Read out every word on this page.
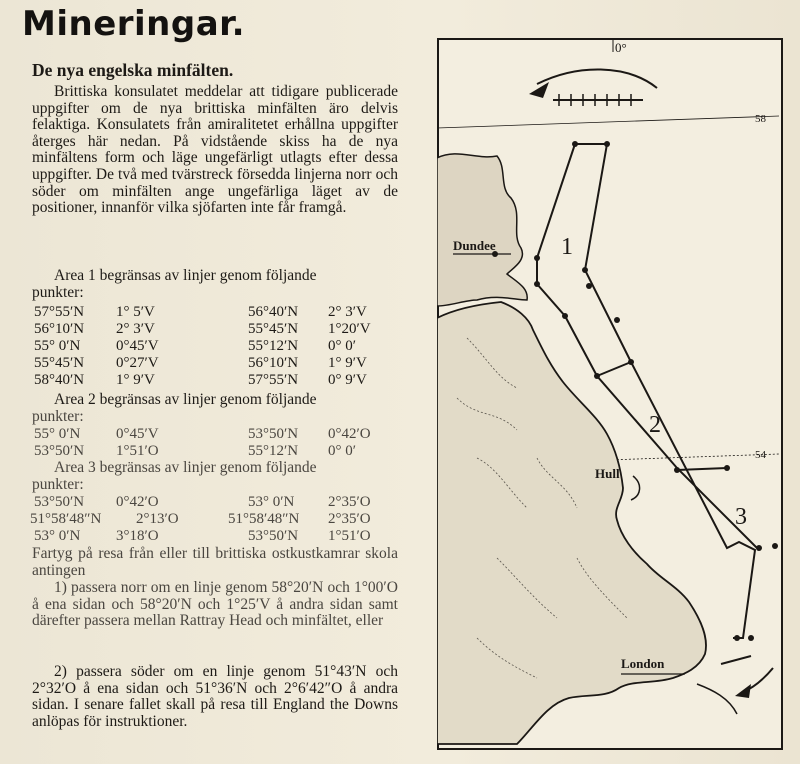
Mineringar.
De nya engelska minfälten.

Brittiska konsulatet meddelar att tidigare publicerade uppgifter om de nya brittiska minfälten äro delvis felaktiga. Konsulatets från amiralitetet erhållna uppgifter återges här nedan. På vidstående skiss ha de nya minfältens form och läge ungefärligt utlagts efter dessa uppgifter. De två med tvärstreck försedda linjerna norr och söder om minfälten ange ungefärliga läget av de positioner, innanför vilka sjöfarten inte får framgå.

Area 1 begränsas av linjer genom följande
punkter:
57°55′N 1° 5′V	56°40′N 2° 3′V
56°10′N 2° 3′V	55°45′N 1°20′V
55° 0′N 0°45′V	55°12′N 0° 0′
55°45′N 0°27′V	56°10′N 1° 9′V
58°40′N 1° 9′V	57°55′N 0° 9′V
Area 2 begränsas av linjer genom följande
punkter:
55° 0′N 0°45′V	53°50′N 0°42′O
53°50′N 1°51′O	55°12′N 0° 0′
Area 3 begränsas av linjer genom följande
punkter:
53°50′N 0°42′O	53° 0′N 2°35′O
51°58′48″N 2°13′O	51°58′48″N 2°35′O
53° 0′N 3°18′O	53°50′N 1°51′O
Fartyg på resa från eller till brittiska ostkustkamrar skola antingen
1) passera norr om en linje genom 58°20′N och 1°00′O å ena sidan och 58°20′N och 1°25′V å andra sidan samt därefter passera mellan Rattray Head och minfältet, eller
2) passera söder om en linje genom 51°43′N och 2°32′O å ena sidan och 51°36′N och 2°6′42″O å andra sidan. I senare fallet skall på resa till England the Downs anlöpas för instruktioner.
0°
58
54
1
2
3
Dundee
Hull
London
